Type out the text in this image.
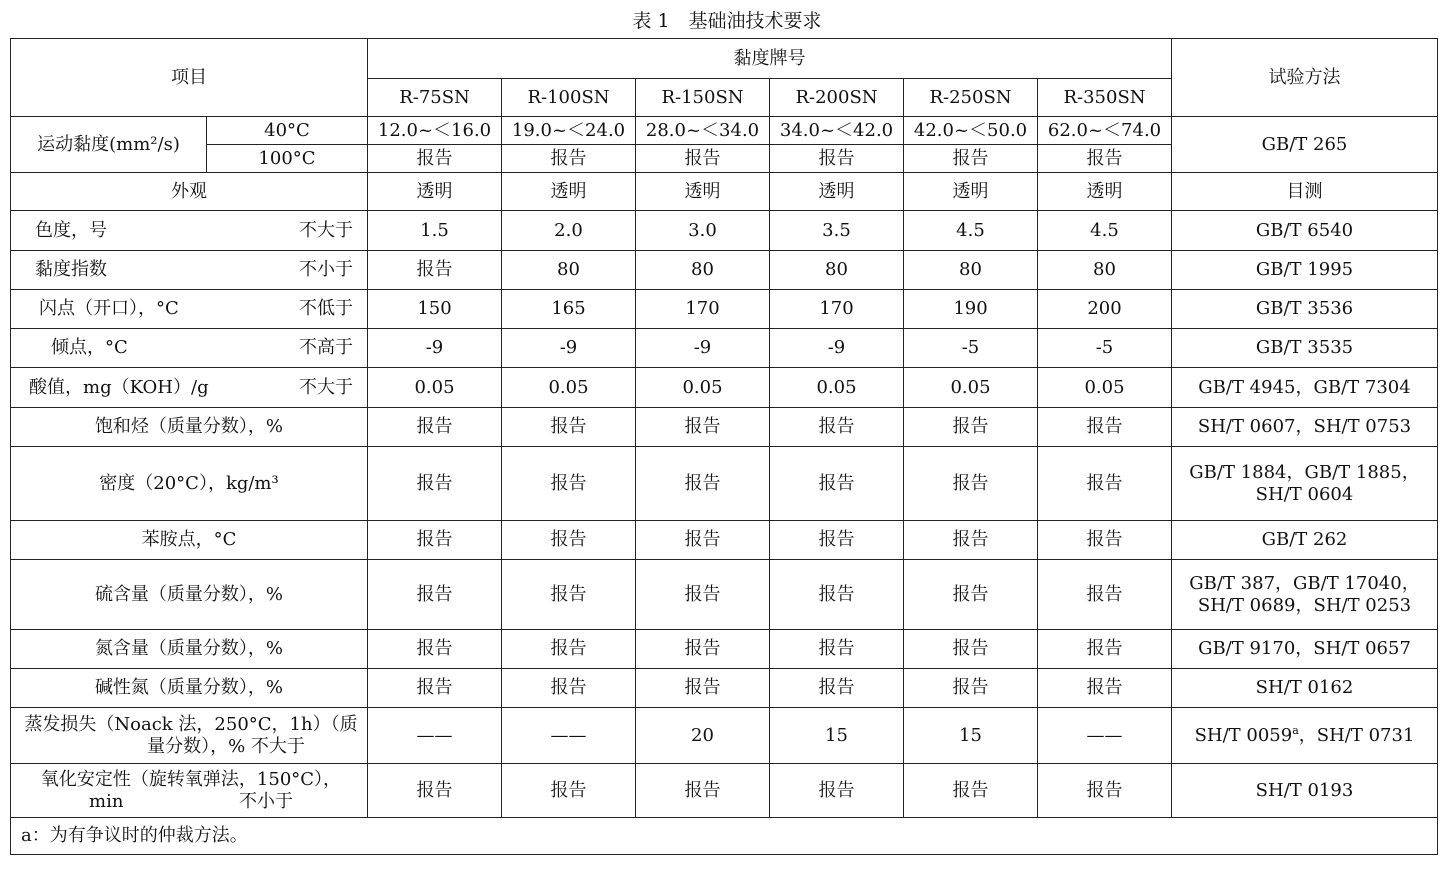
表 1　基础油技术要求
项目		黏度牌号						试验方法
		R-75SN	R-100SN	R-150SN	R-200SN	R-250SN	R-350SN	
运动黏度(mm²/s)	40°C	12.0~＜16.0	19.0~＜24.0	28.0~＜34.0	34.0~＜42.0	42.0~＜50.0	62.0~＜74.0	GB/T 265
	100°C	报告	报告	报告	报告	报告	报告	
外观		透明	透明	透明	透明	透明	透明	目测

色度，号 不大于		1.5	2.0	3.0	3.5	4.5	4.5	GB/T 6540

黏度指数 不小于		报告	80	80	80	80	80	GB/T 1995

闪点（开口），°C 不低于		150	165	170	170	190	200	GB/T 3536

倾点，°C 不高于		-9	-9	-9	-9	-5	-5	GB/T 3535

酸值，mg（KOH）/g 不大于		0.05	0.05	0.05	0.05	0.05	0.05	GB/T 4945，GB/T 7304
饱和烃（质量分数），%		报告	报告	报告	报告	报告	报告	SH/T 0607，SH/T 0753
密度（20°C），kg/m³		报告	报告	报告	报告	报告	报告	GB/T 1884，GB/T 1885，
SH/T 0604

苯胺点，°C		报告	报告	报告	报告	报告	报告	GB/T 262
硫含量（质量分数），%		报告	报告	报告	报告	报告	报告	GB/T 387，GB/T 17040，
SH/T 0689，SH/T 0253

氮含量（质量分数），%		报告	报告	报告	报告	报告	报告	GB/T 9170，SH/T 0657
碱性氮（质量分数），%		报告	报告	报告	报告	报告	报告	SH/T 0162

蒸发损失（Noack 法，250°C，1h）（质
量分数），% 不大于		——	——	20	15	15	——	SH/T 0059$^a$，SH/T 0731

氧化安定性（旋转氧弹法，150°C），
min 不小于		报告	报告	报告	报告	报告	报告	SH/T 0193
a：为有争议时的仲裁方法。								
